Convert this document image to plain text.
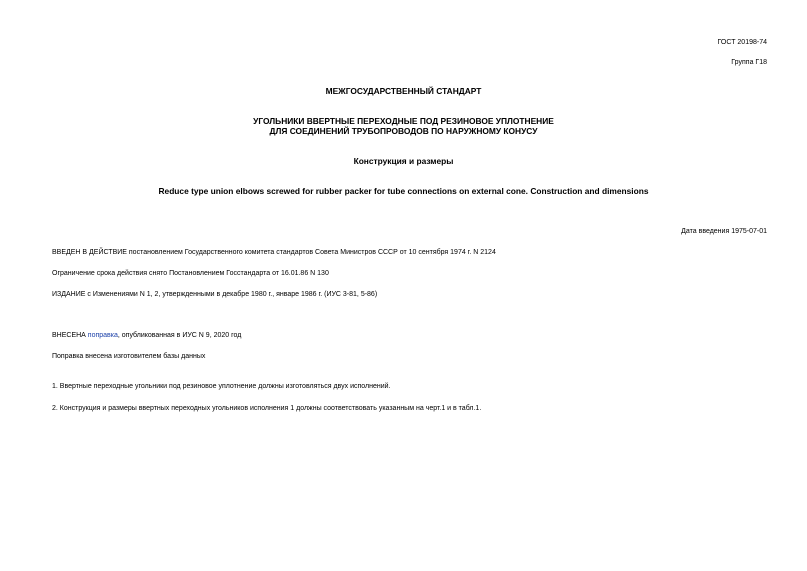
ГОСТ 20198-74
Группа Г18
МЕЖГОСУДАРСТВЕННЫЙ СТАНДАРТ
УГОЛЬНИКИ ВВЕРТНЫЕ ПЕРЕХОДНЫЕ ПОД РЕЗИНОВОЕ УПЛОТНЕНИЕ
ДЛЯ СОЕДИНЕНИЙ ТРУБОПРОВОДОВ ПО НАРУЖНОМУ КОНУСУ
Конструкция и размеры
Reduce type union elbows screwed for rubber packer for tube connections on external cone. Construction and dimensions
Дата введения 1975-07-01
ВВЕДЕН В ДЕЙСТВИЕ постановлением Государственного комитета стандартов Совета Министров СССР от 10 сентября 1974 г. N 2124
Ограничение срока действия снято Постановлением Госстандарта от 16.01.86 N 130
ИЗДАНИЕ с Изменениями N 1, 2, утвержденными в декабре 1980 г., январе 1986 г. (ИУС 3-81, 5-86)
ВНЕСЕНА поправка, опубликованная в ИУС N 9, 2020 год
Поправка внесена изготовителем базы данных
1. Ввертные переходные угольники под резиновое уплотнение должны изготовляться двух исполнений.
2. Конструкция и размеры ввертных переходных угольников исполнения 1 должны соответствовать указанным на черт.1 и в табл.1.
